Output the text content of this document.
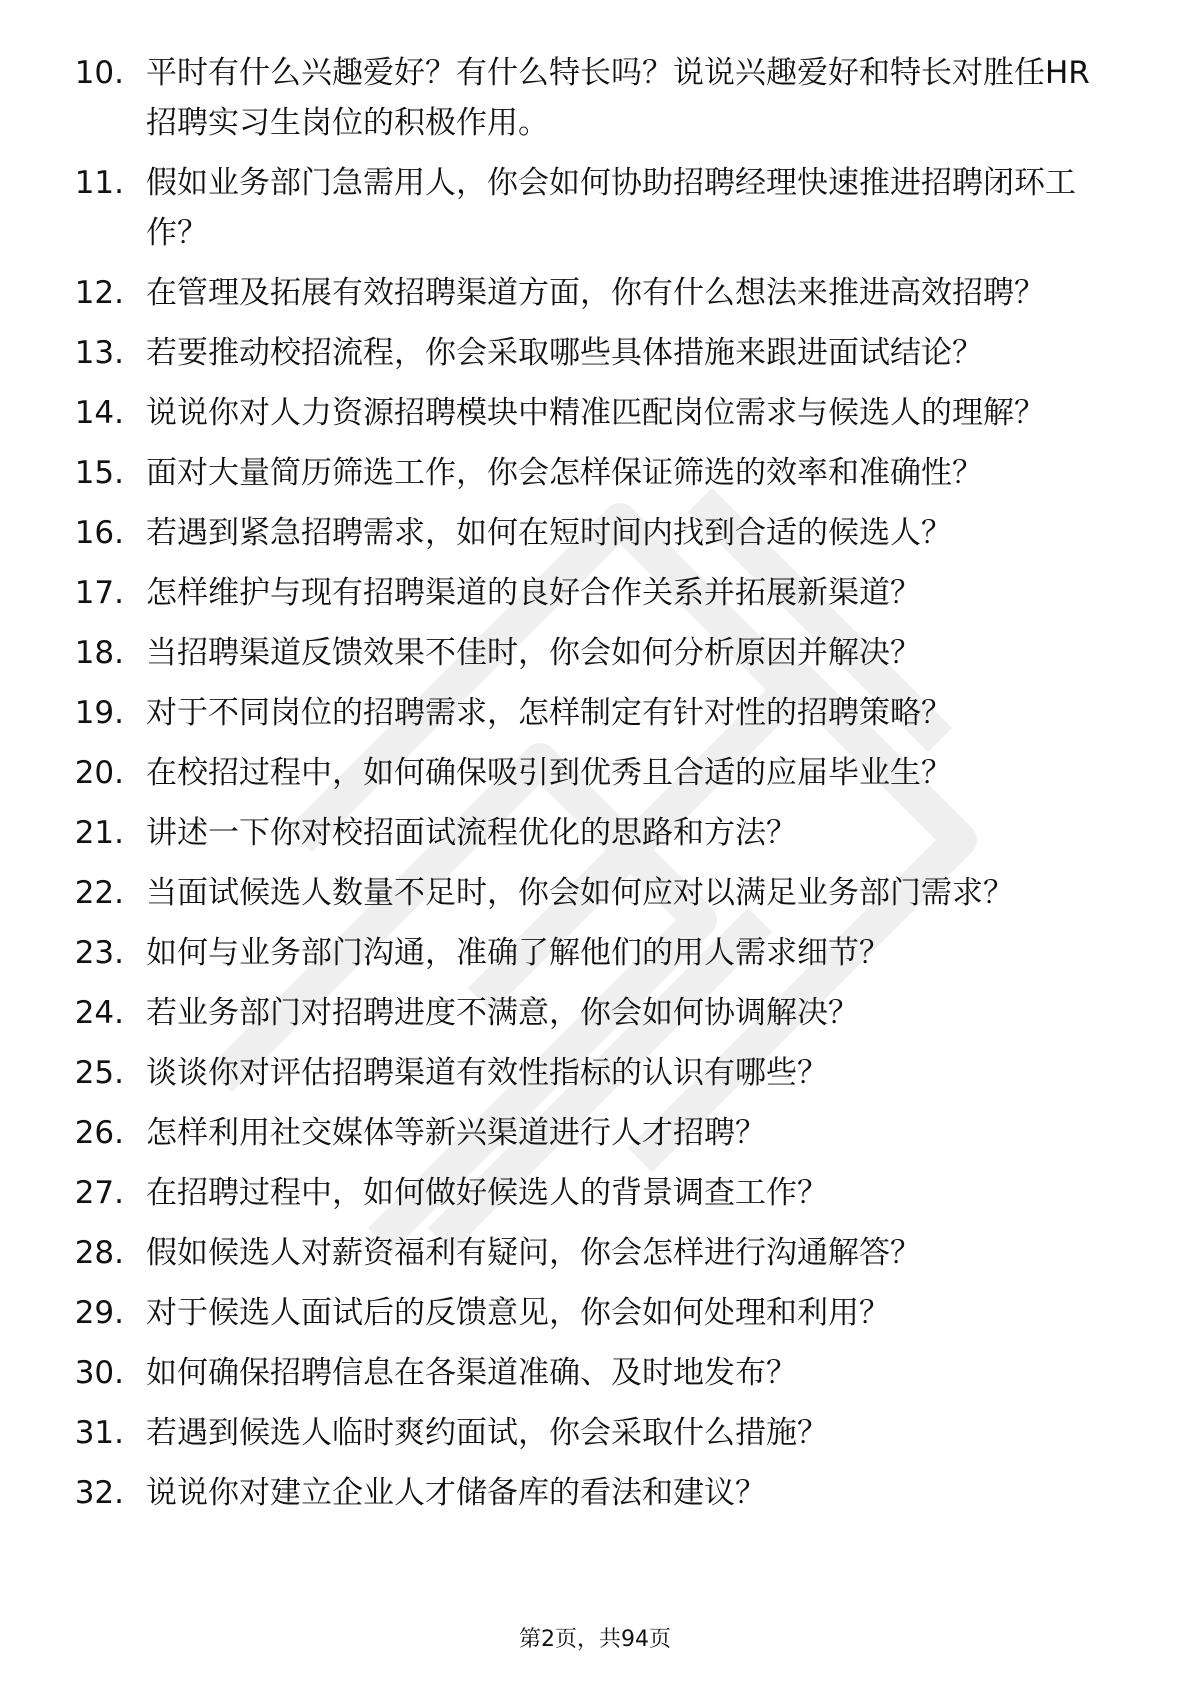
10. 平时有什么兴趣爱好？有什么特长吗？说说兴趣爱好和特长对胜任HR招聘实习生岗位的积极作用。
11. 假如业务部门急需用人，你会如何协助招聘经理快速推进招聘闭环工作？
12. 在管理及拓展有效招聘渠道方面，你有什么想法来推进高效招聘？
13. 若要推动校招流程，你会采取哪些具体措施来跟进面试结论？
14. 说说你对人力资源招聘模块中精准匹配岗位需求与候选人的理解？
15. 面对大量简历筛选工作，你会怎样保证筛选的效率和准确性？
16. 若遇到紧急招聘需求，如何在短时间内找到合适的候选人？
17. 怎样维护与现有招聘渠道的良好合作关系并拓展新渠道？
18. 当招聘渠道反馈效果不佳时，你会如何分析原因并解决？
19. 对于不同岗位的招聘需求，怎样制定有针对性的招聘策略？
20. 在校招过程中，如何确保吸引到优秀且合适的应届毕业生？
21. 讲述一下你对校招面试流程优化的思路和方法？
22. 当面试候选人数量不足时，你会如何应对以满足业务部门需求？
23. 如何与业务部门沟通，准确了解他们的用人需求细节？
24. 若业务部门对招聘进度不满意，你会如何协调解决？
25. 谈谈你对评估招聘渠道有效性指标的认识有哪些？
26. 怎样利用社交媒体等新兴渠道进行人才招聘？
27. 在招聘过程中，如何做好候选人的背景调查工作？
28. 假如候选人对薪资福利有疑问，你会怎样进行沟通解答？
29. 对于候选人面试后的反馈意见，你会如何处理和利用？
30. 如何确保招聘信息在各渠道准确、及时地发布？
31. 若遇到候选人临时爽约面试，你会采取什么措施？
32. 说说你对建立企业人才储备库的看法和建议？
第2页，共94页
